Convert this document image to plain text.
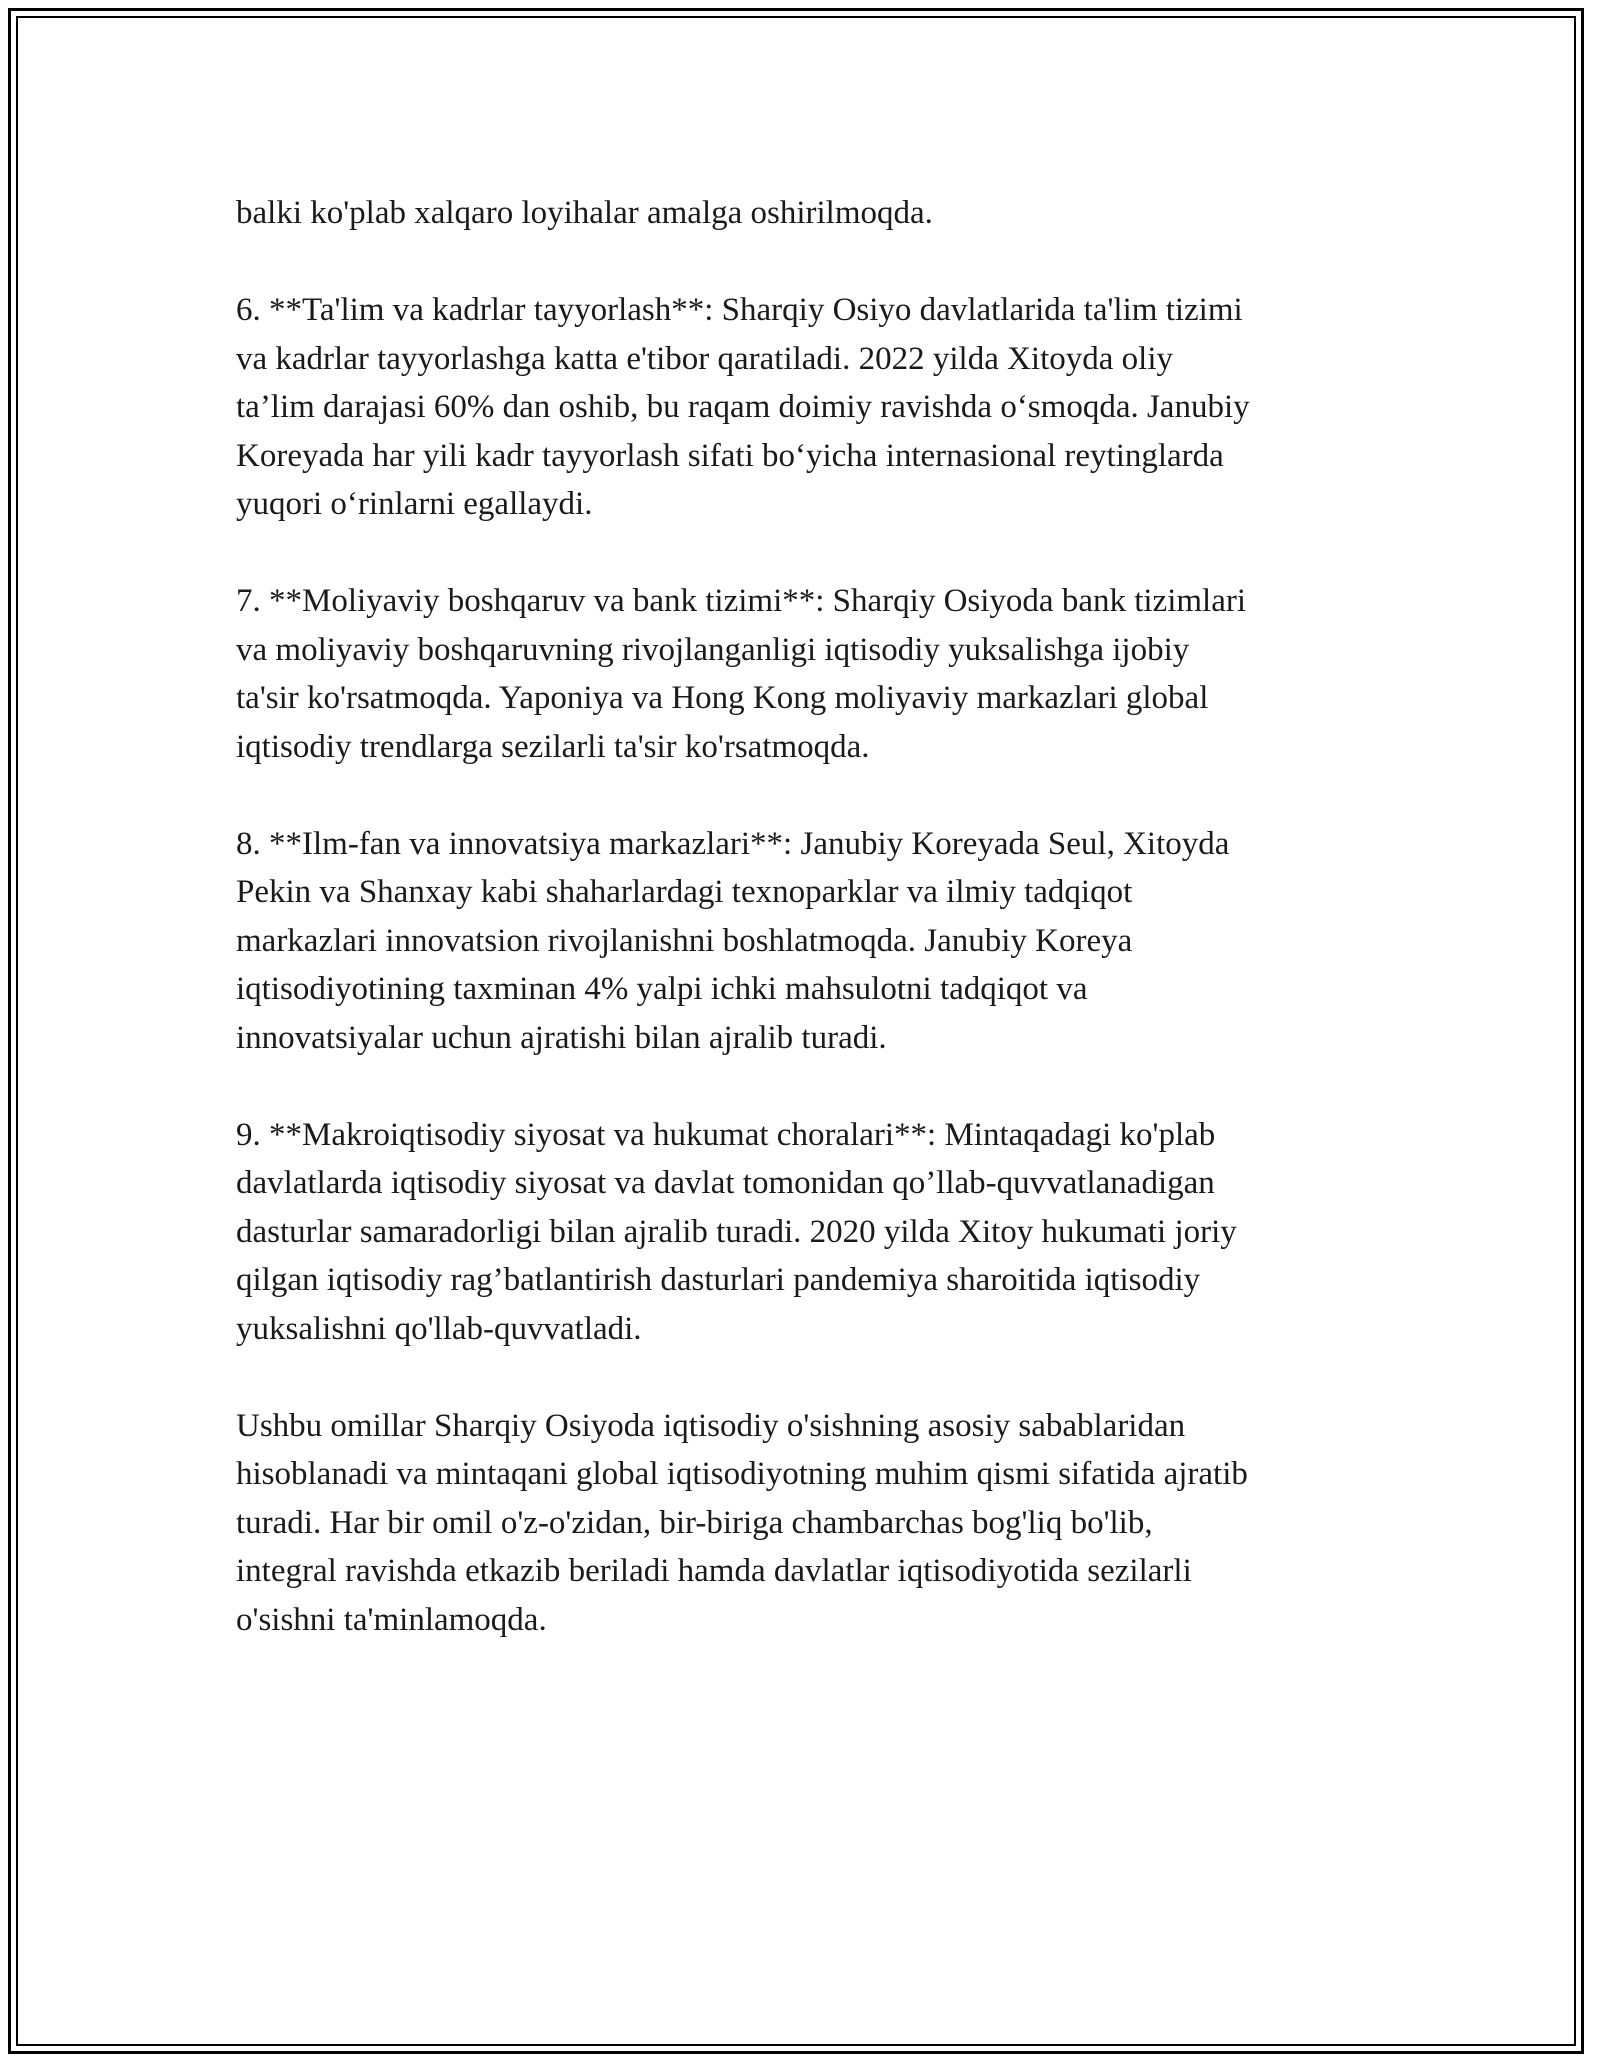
balki ko'plab xalqaro loyihalar amalga oshirilmoqda.

6. **Ta'lim va kadrlar tayyorlash**: Sharqiy Osiyo davlatlarida ta'lim tizimi
va kadrlar tayyorlashga katta e'tibor qaratiladi. 2022 yilda Xitoyda oliy
ta’lim darajasi 60% dan oshib, bu raqam doimiy ravishda o‘smoqda. Janubiy
Koreyada har yili kadr tayyorlash sifati bo‘yicha internasional reytinglarda
yuqori o‘rinlarni egallaydi.

7. **Moliyaviy boshqaruv va bank tizimi**: Sharqiy Osiyoda bank tizimlari
va moliyaviy boshqaruvning rivojlanganligi iqtisodiy yuksalishga ijobiy
ta'sir ko'rsatmoqda. Yaponiya va Hong Kong moliyaviy markazlari global
iqtisodiy trendlarga sezilarli ta'sir ko'rsatmoqda.

8. **Ilm-fan va innovatsiya markazlari**: Janubiy Koreyada Seul, Xitoyda
Pekin va Shanxay kabi shaharlardagi texnoparklar va ilmiy tadqiqot
markazlari innovatsion rivojlanishni boshlatmoqda. Janubiy Koreya
iqtisodiyotining taxminan 4% yalpi ichki mahsulotni tadqiqot va
innovatsiyalar uchun ajratishi bilan ajralib turadi.

9. **Makroiqtisodiy siyosat va hukumat choralari**: Mintaqadagi ko'plab
davlatlarda iqtisodiy siyosat va davlat tomonidan qo’llab-quvvatlanadigan
dasturlar samaradorligi bilan ajralib turadi. 2020 yilda Xitoy hukumati joriy
qilgan iqtisodiy rag’batlantirish dasturlari pandemiya sharoitida iqtisodiy
yuksalishni qo'llab-quvvatladi.

Ushbu omillar Sharqiy Osiyoda iqtisodiy o'sishning asosiy sabablaridan
hisoblanadi va mintaqani global iqtisodiyotning muhim qismi sifatida ajratib
turadi. Har bir omil o'z-o'zidan, bir-biriga chambarchas bog'liq bo'lib,
integral ravishda etkazib beriladi hamda davlatlar iqtisodiyotida sezilarli
o'sishni ta'minlamoqda.
